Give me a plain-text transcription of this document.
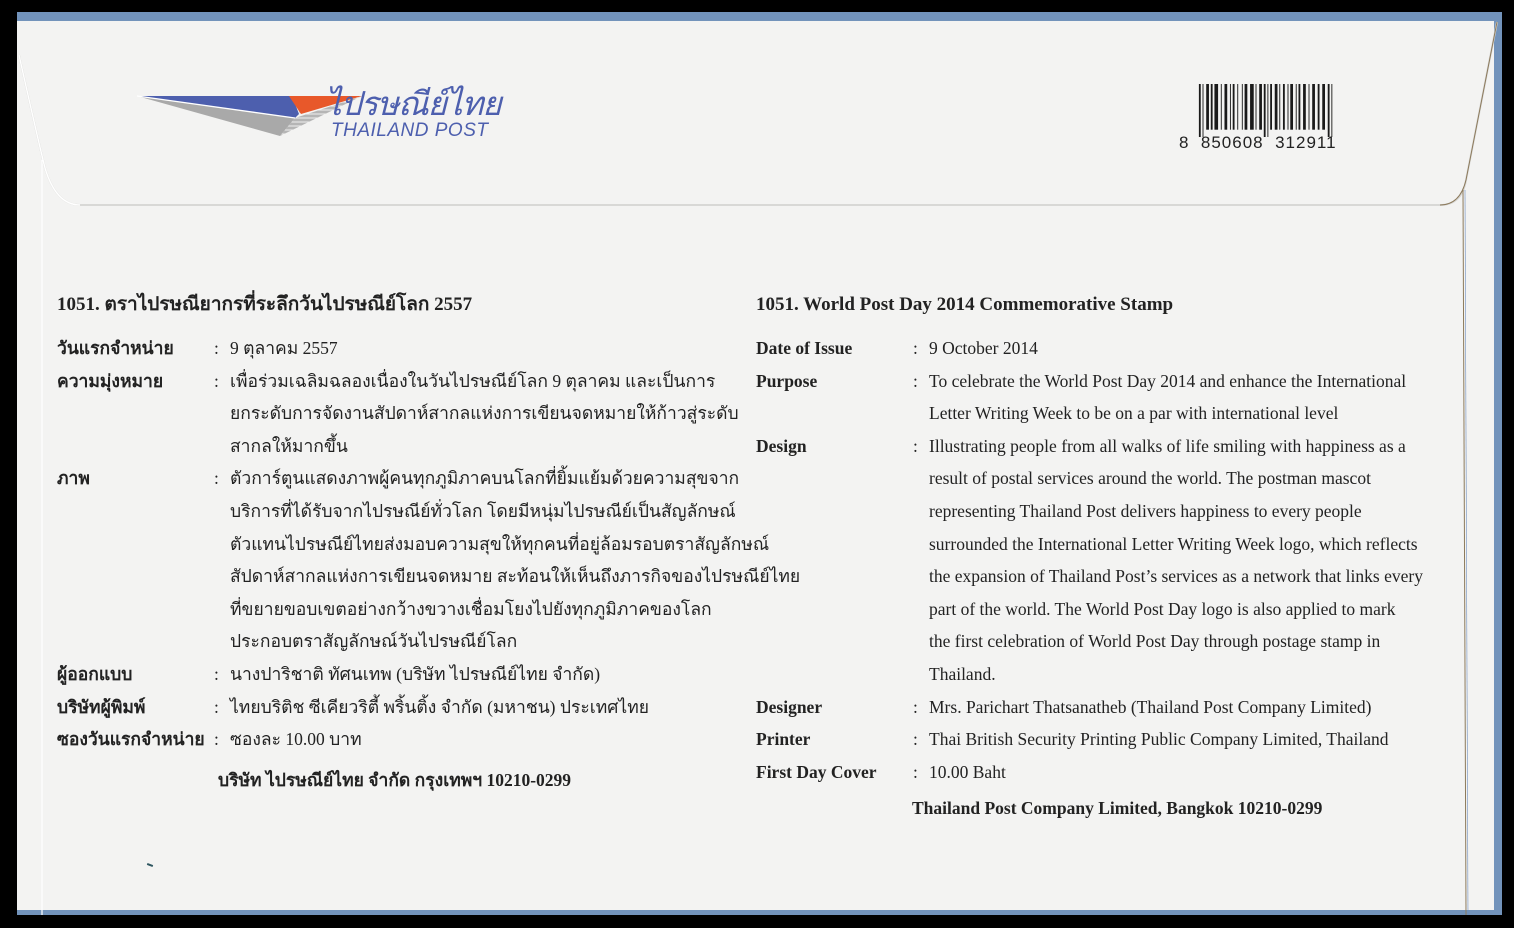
ไปรษณีย์ไทย
THAILAND POST
8  850608  312911
1051. ตราไปรษณียากรที่ระลึกวันไปรษณีย์โลก 2557
วันแรกจำหน่าย	: 9 ตุลาคม 2557
ความมุ่งหมาย	: เพื่อร่วมเฉลิมฉลองเนื่องในวันไปรษณีย์โลก 9 ตุลาคม และเป็นการ
ยกระดับการจัดงานสัปดาห์สากลแห่งการเขียนจดหมายให้ก้าวสู่ระดับ
สากลให้มากขึ้น
ภาพ	: ตัวการ์ตูนแสดงภาพผู้คนทุกภูมิภาคบนโลกที่ยิ้มแย้มด้วยความสุขจาก
บริการที่ได้รับจากไปรษณีย์ทั่วโลก โดยมีหนุ่มไปรษณีย์เป็นสัญลักษณ์
ตัวแทนไปรษณีย์ไทยส่งมอบความสุขให้ทุกคนที่อยู่ล้อมรอบตราสัญลักษณ์
สัปดาห์สากลแห่งการเขียนจดหมาย สะท้อนให้เห็นถึงภารกิจของไปรษณีย์ไทย
ที่ขยายขอบเขตอย่างกว้างขวางเชื่อมโยงไปยังทุกภูมิภาคของโลก
ประกอบตราสัญลักษณ์วันไปรษณีย์โลก
ผู้ออกแบบ	: นางปาริชาติ ทัศนเทพ (บริษัท ไปรษณีย์ไทย จำกัด)
บริษัทผู้พิมพ์	: ไทยบริติช ซีเคียวริตี้ พริ้นติ้ง จำกัด (มหาชน) ประเทศไทย
ซองวันแรกจำหน่าย : ซองละ 10.00 บาท
บริษัท ไปรษณีย์ไทย จำกัด กรุงเทพฯ 10210-0299
1051. World Post Day 2014 Commemorative Stamp
Date of Issue	: 9 October 2014
Purpose	: To celebrate the World Post Day 2014 and enhance the International
Letter Writing Week to be on a par with international level
Design	: Illustrating people from all walks of life smiling with happiness as a
result of postal services around the world. The postman mascot
representing Thailand Post delivers happiness to every people
surrounded the International Letter Writing Week logo, which reflects
the expansion of Thailand Post’s services as a network that links every
part of the world. The World Post Day logo is also applied to mark
the first celebration of World Post Day through postage stamp in
Thailand.
Designer	: Mrs. Parichart Thatsanatheb (Thailand Post Company Limited)
Printer	: Thai British Security Printing Public Company Limited, Thailand
First Day Cover	: 10.00 Baht
Thailand Post Company Limited, Bangkok 10210-0299
